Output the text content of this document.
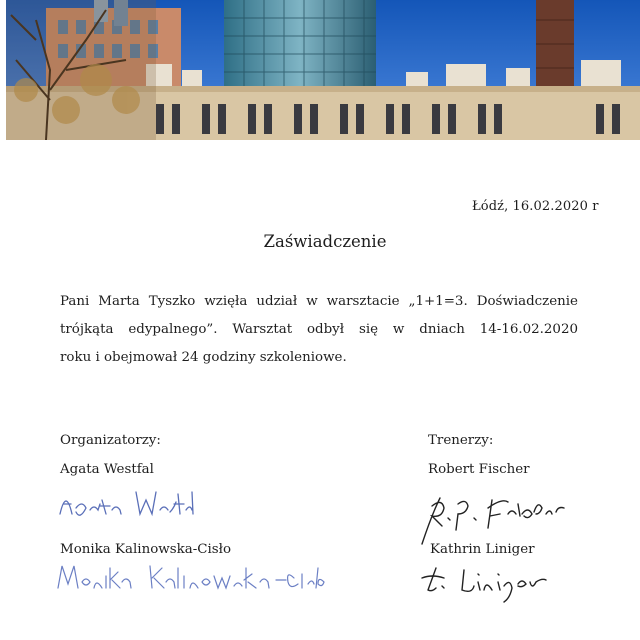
Łódź, 16.02.2020 r
Zaświadczenie
Pani Marta Tyszko wzięła udział w warsztacie „1+1=3. Doświadczenie
trójkąta edypalnego”. Warsztat odbył się w dniach 14-16.02.2020
roku i obejmował 24 godziny szkoleniowe.
Organizatorzy:
Agata Westfal
Monika Kalinowska-Cisło
Trenerzy:
Robert Fischer
Kathrin Liniger
